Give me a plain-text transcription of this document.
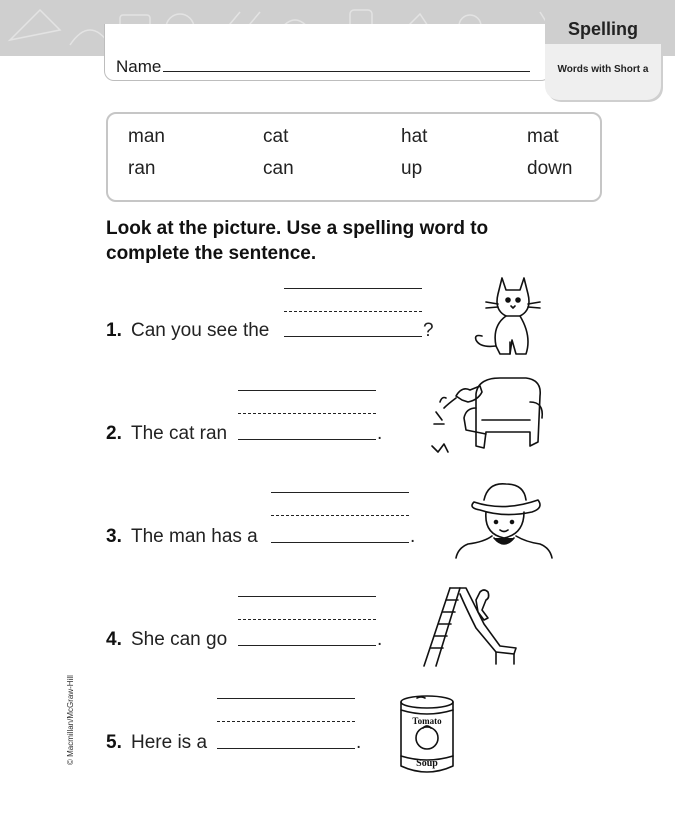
Name
Spelling
Words with Short a
man	cat	hat	mat
ran	can	up	down
Look at the picture. Use a spelling word to complete the sentence.
1. Can you see the	?
2. The cat ran	.
3. The man has a	.
4. She can go	.
5. Here is a	.
Tomato
Soup
© Macmillan/McGraw-Hill
